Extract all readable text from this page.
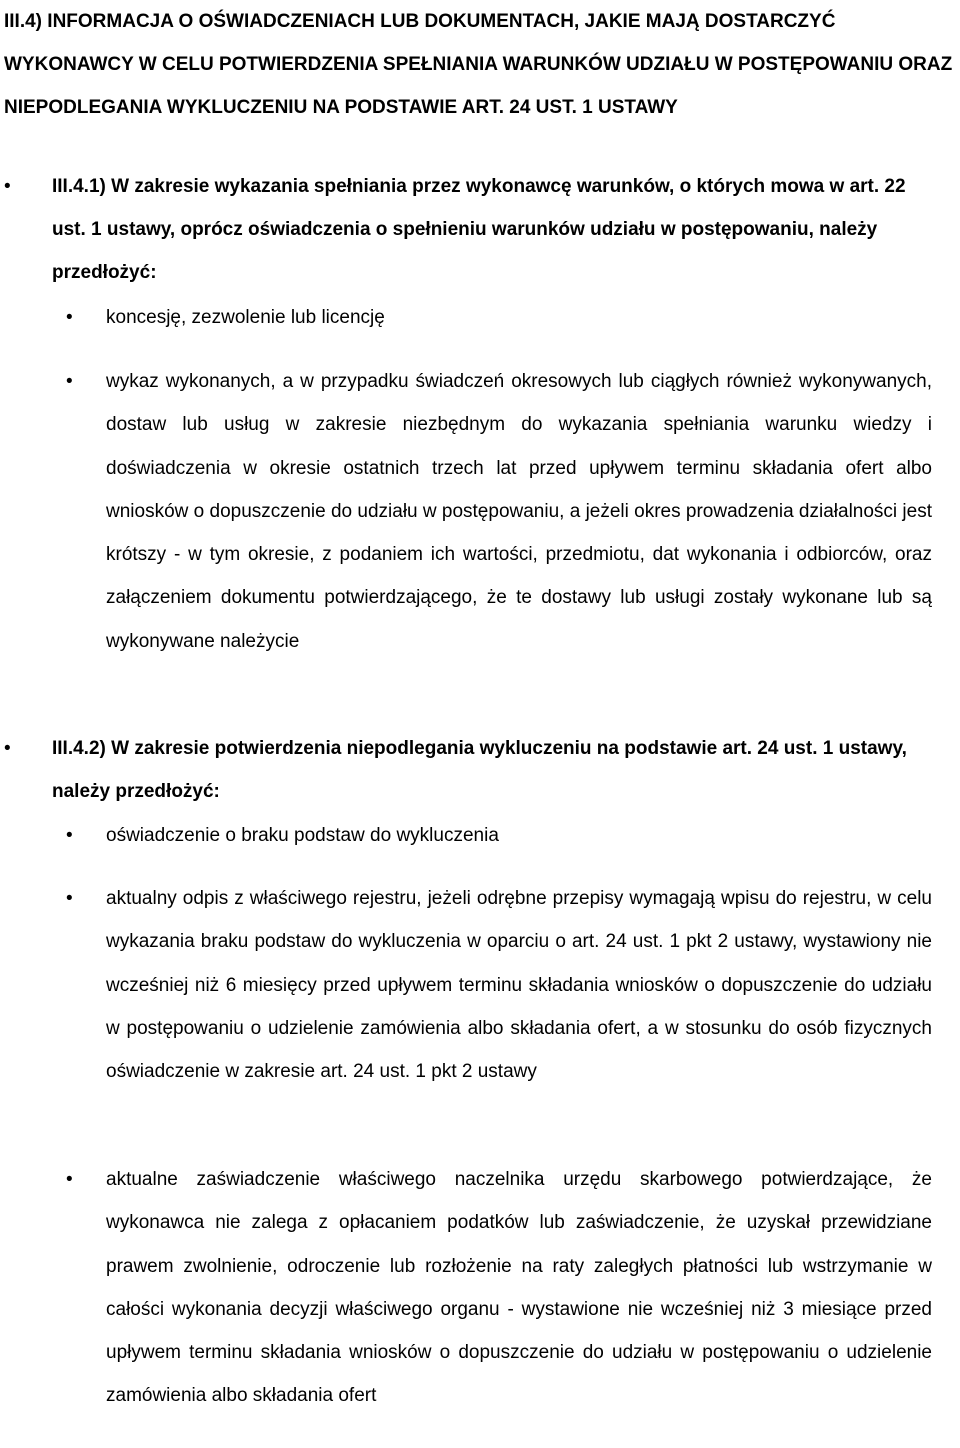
III.4) INFORMACJA O OŚWIADCZENIACH LUB DOKUMENTACH, JAKIE MAJĄ DOSTARCZYĆ WYKONAWCY W CELU POTWIERDZENIA SPEŁNIANIA WARUNKÓW UDZIAŁU W POSTĘPOWANIU ORAZ NIEPODLEGANIA WYKLUCZENIU NA PODSTAWIE ART. 24 UST. 1 USTAWY
•	III.4.1) W zakresie wykazania spełniania przez wykonawcę warunków, o których mowa w art. 22 ust. 1 ustawy, oprócz oświadczenia o spełnieniu warunków udziału w postępowaniu, należy przedłożyć:
•	koncesję, zezwolenie lub licencję
•	wykaz wykonanych, a w przypadku świadczeń okresowych lub ciągłych również wykonywanych, dostaw lub usług w zakresie niezbędnym do wykazania spełniania warunku wiedzy i doświadczenia w okresie ostatnich trzech lat przed upływem terminu składania ofert albo wniosków o dopuszczenie do udziału w postępowaniu, a jeżeli okres prowadzenia działalności jest krótszy - w tym okresie, z podaniem ich wartości, przedmiotu, dat wykonania i odbiorców, oraz załączeniem dokumentu potwierdzającego, że te dostawy lub usługi zostały wykonane lub są wykonywane należycie
•	III.4.2) W zakresie potwierdzenia niepodlegania wykluczeniu na podstawie art. 24 ust. 1 ustawy, należy przedłożyć:
•	oświadczenie o braku podstaw do wykluczenia
•	aktualny odpis z właściwego rejestru, jeżeli odrębne przepisy wymagają wpisu do rejestru, w celu wykazania braku podstaw do wykluczenia w oparciu o art. 24 ust. 1 pkt 2 ustawy, wystawiony nie wcześniej niż 6 miesięcy przed upływem terminu składania wniosków o dopuszczenie do udziału w postępowaniu o udzielenie zamówienia albo składania ofert, a w stosunku do osób fizycznych oświadczenie w zakresie art. 24 ust. 1 pkt 2 ustawy
•	aktualne zaświadczenie właściwego naczelnika urzędu skarbowego potwierdzające, że wykonawca nie zalega z opłacaniem podatków lub zaświadczenie, że uzyskał przewidziane prawem zwolnienie, odroczenie lub rozłożenie na raty zaległych płatności lub wstrzymanie w całości wykonania decyzji właściwego organu - wystawione nie wcześniej niż 3 miesiące przed upływem terminu składania wniosków o dopuszczenie do udziału w postępowaniu o udzielenie zamówienia albo składania ofert
